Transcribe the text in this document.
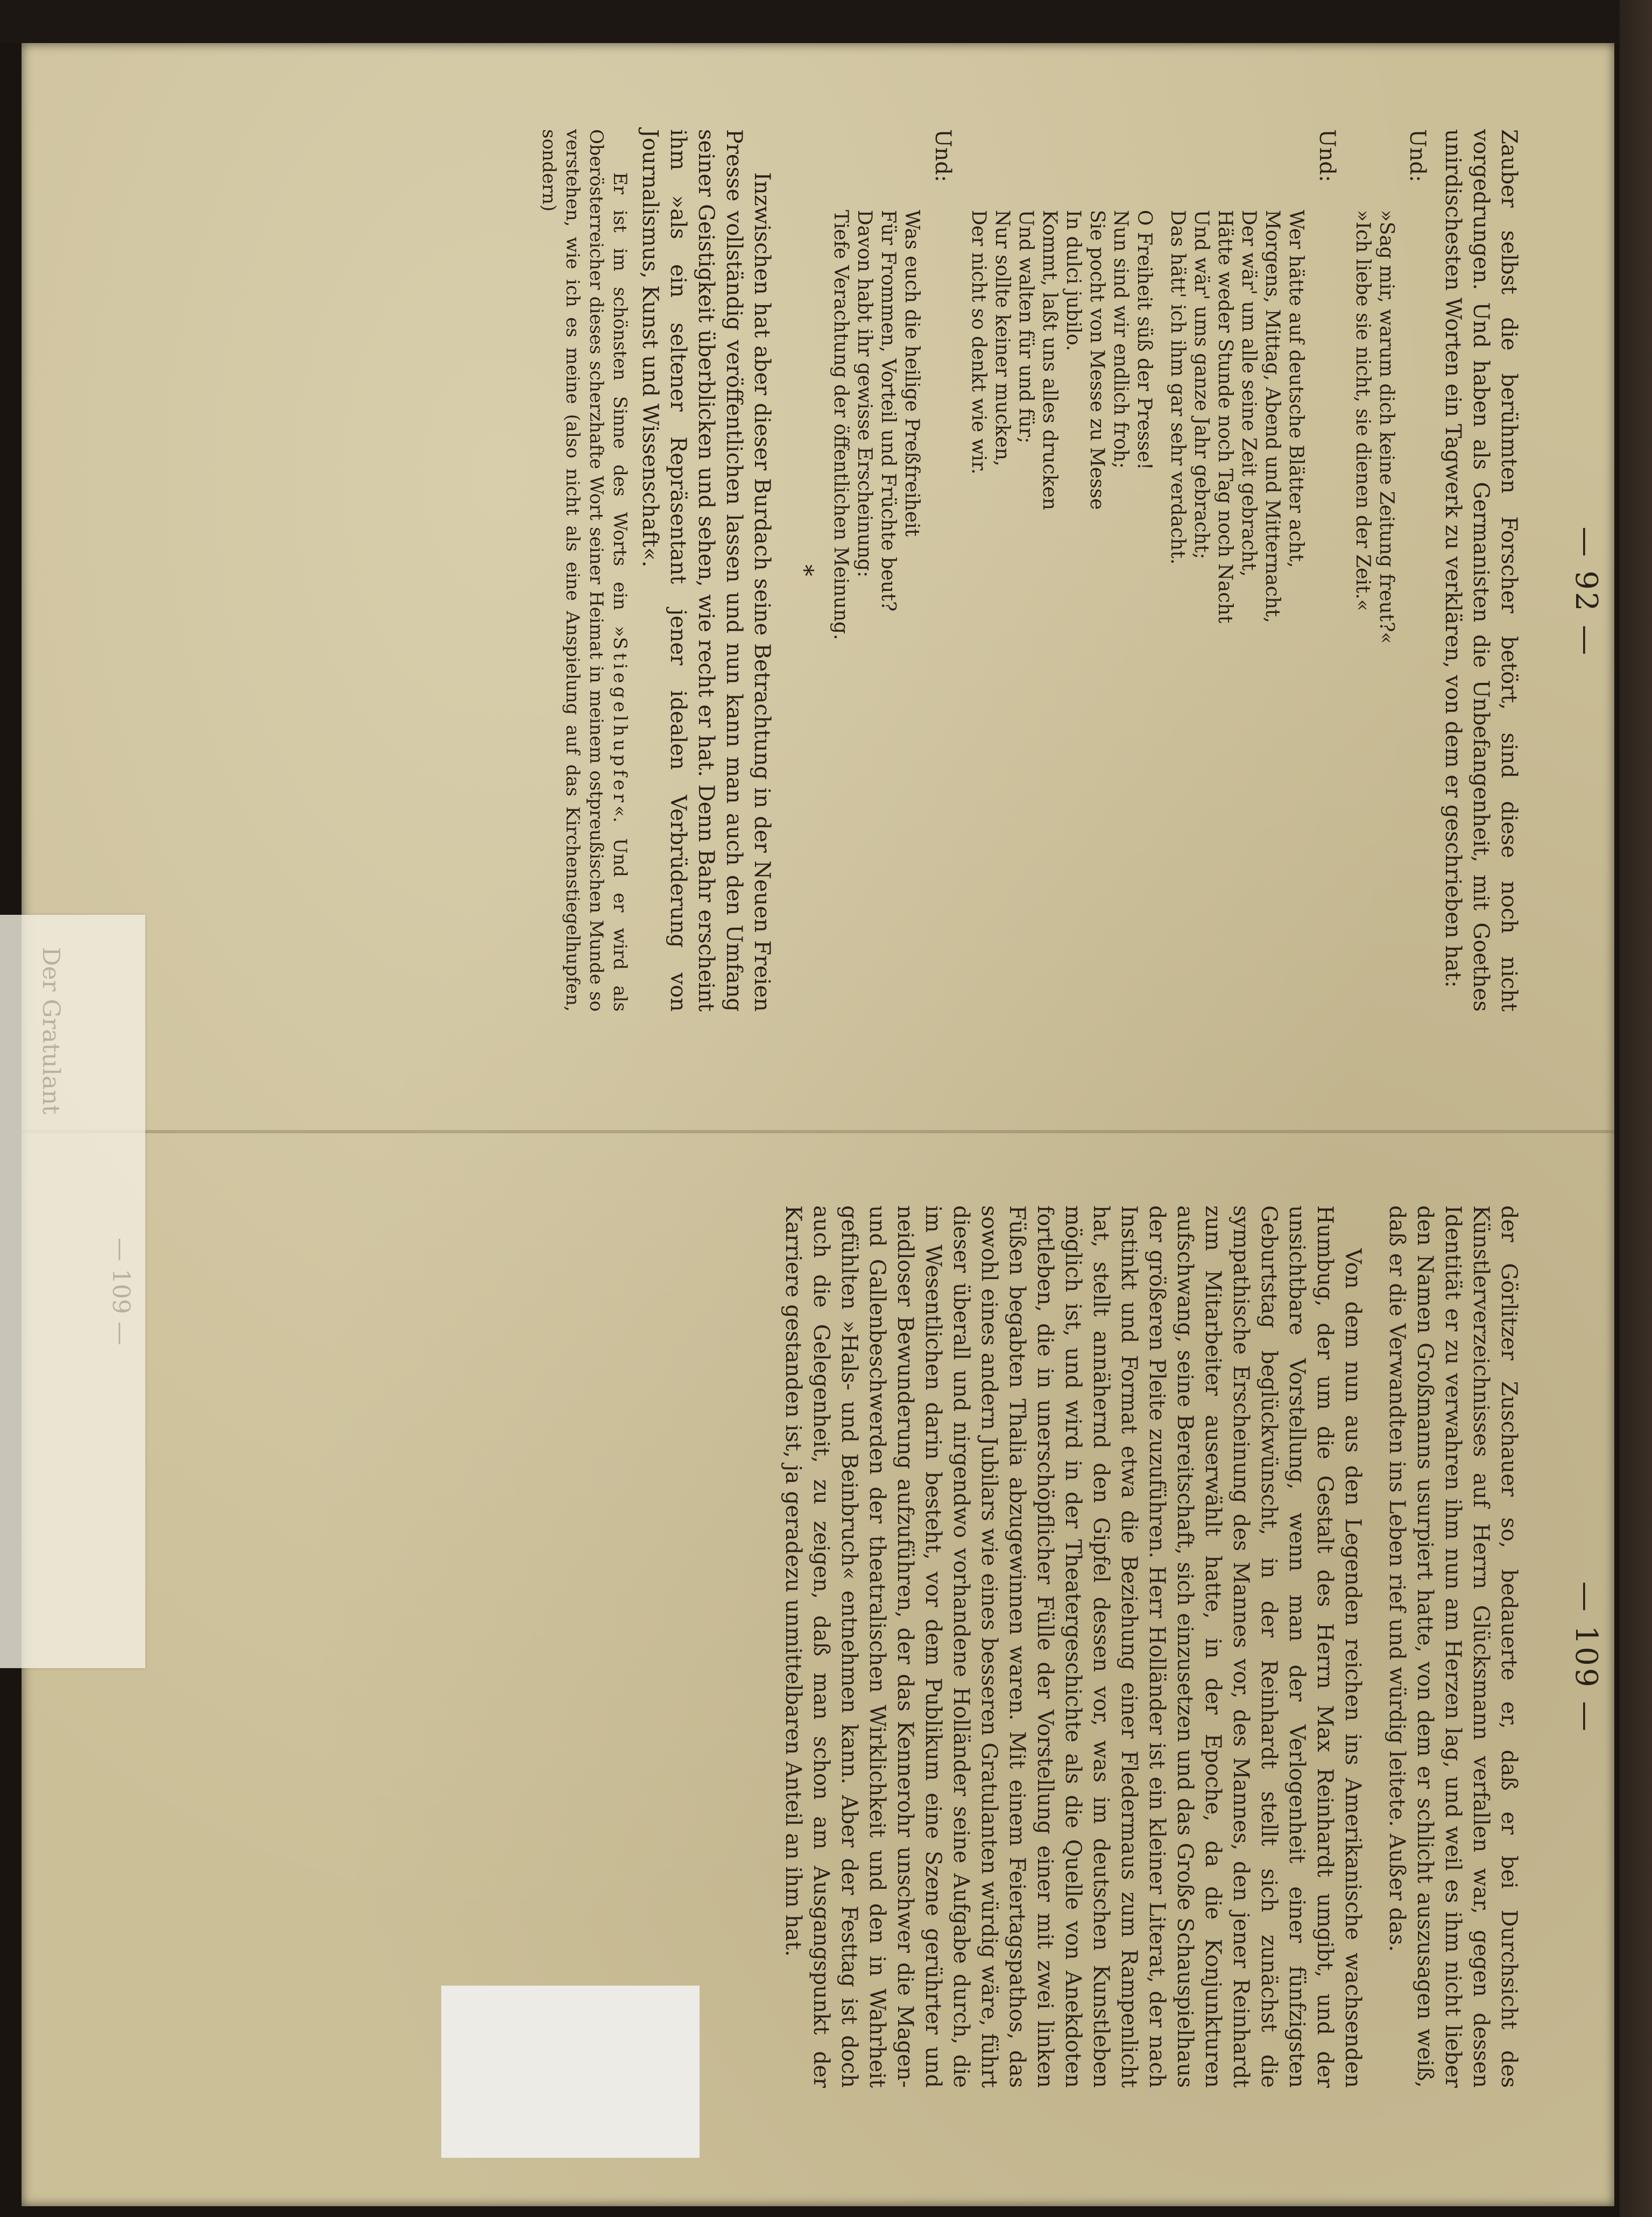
— 92 —

Zauber selbst die berühmten Forscher betört, sind diese noch nicht vorgedrungen. Und haben als Germanisten die Unbefangenheit, mit Goethes unirdischesten Worten ein Tagwerk zu verklären, von dem er geschrieben hat:

Und:
»Sag mir, warum dich keine Zeitung freut?«
»Ich liebe sie nicht, sie dienen der Zeit.«
Und:
Wer hätte auf deutsche Blätter acht,
Morgens, Mittag, Abend und Mitternacht,
Der wär' um alle seine Zeit gebracht,
Hätte weder Stunde noch Tag noch Nacht
Und wär' ums ganze Jahr gebracht;
Das hätt' ich ihm gar sehr verdacht.
O Freiheit süß der Presse!
Nun sind wir endlich froh;
Sie pocht von Messe zu Messe
In dulci jubilo.
Kommt, laßt uns alles drucken
Und walten für und für;
Nur sollte keiner mucken,
Der nicht so denkt wie wir.
Und:
Was euch die heilige Preßfreiheit
Für Frommen, Vorteil und Früchte beut?
Davon habt ihr gewisse Erscheinung:
Tiefe Verachtung der öffentlichen Meinung.
*

Inzwischen hat aber dieser Burdach seine Betrachtung in der Neuen Freien Presse vollständig veröffentlichen lassen und nun kann man auch den Umfang seiner Geistigkeit überblicken und sehen, wie recht er hat. Denn Bahr erscheint ihm »als ein seltener Repräsentant jener idealen Verbrüderung von Journalismus, Kunst und Wissenschaft«.

Er ist im schönsten Sinne des Worts ein »Stiegelhupfer«. Und er wird als Oberösterreicher dieses scherzhafte Wort seiner Heimat in meinem ostpreußischen Munde so verstehen, wie ich es meine (also nicht als eine Anspielung auf das Kirchenstiegelhupfen, sondern)

— 109 —

der Görlitzer Zuschauer so, bedauerte er, daß er bei Durchsicht des Künstlerverzeichnisses auf Herrn Glücksmann verfallen war, gegen dessen Identität er zu verwahren ihm nun am Herzen lag, und weil es ihm nicht lieber den Namen Großmanns usurpiert hatte, von dem er schlicht auszusagen weiß, daß er die Verwandten ins Leben rief und würdig leitete. Außer das.

Von dem nun aus den Legenden reichen ins Amerikanische wachsenden Humbug, der um die Gestalt des Herrn Max Reinhardt umgibt, und der unsichtbare Vorstellung, wenn man der Verlogenheit einer fünfzigsten Geburtstag beglückwünscht, in der Reinhardt stellt sich zunächst die sympathische Erscheinung des Mannes vor, des Mannes, den jener Reinhardt zum Mitarbeiter auserwählt hatte, in der Epoche, da die Konjunkturen aufschwang, seine Bereitschaft, sich einzusetzen und das Große Schauspielhaus der größeren Pleite zuzuführen. Herr Holländer ist ein kleiner Literat, der nach Instinkt und Format etwa die Beziehung einer Fledermaus zum Rampenlicht hat, stellt annähernd den Gipfel dessen vor, was im deutschen Kunstleben möglich ist, und wird in der Theatergeschichte als die Quelle von Anekdoten fortleben, die in unerschöpflicher Fülle der Vorstellung einer mit zwei linken Füßen begabten Thalia abzugewinnen waren. Mit einem Feiertagspathos, das sowohl eines andern Jubilars wie eines besseren Gratulanten würdig wäre, führt dieser überall und nirgendwo vorhandene Holländer seine Aufgabe durch, die im Wesentlichen darin besteht, vor dem Publikum eine Szene gerührter und neidloser Bewunderung aufzuführen, der das Kennerohr unschwer die Magen- und Gallenbeschwerden der theatralischen Wirklichkeit und den in Wahrheit gefühlten »Hals- und Beinbruch« entnehmen kann. Aber der Festtag ist doch auch die Gelegenheit, zu zeigen, daß man schon am Ausgangspunkt der Karriere gestanden ist, ja geradezu unmittelbaren Anteil an ihm hat.

— 109 —
Der Gratulant
